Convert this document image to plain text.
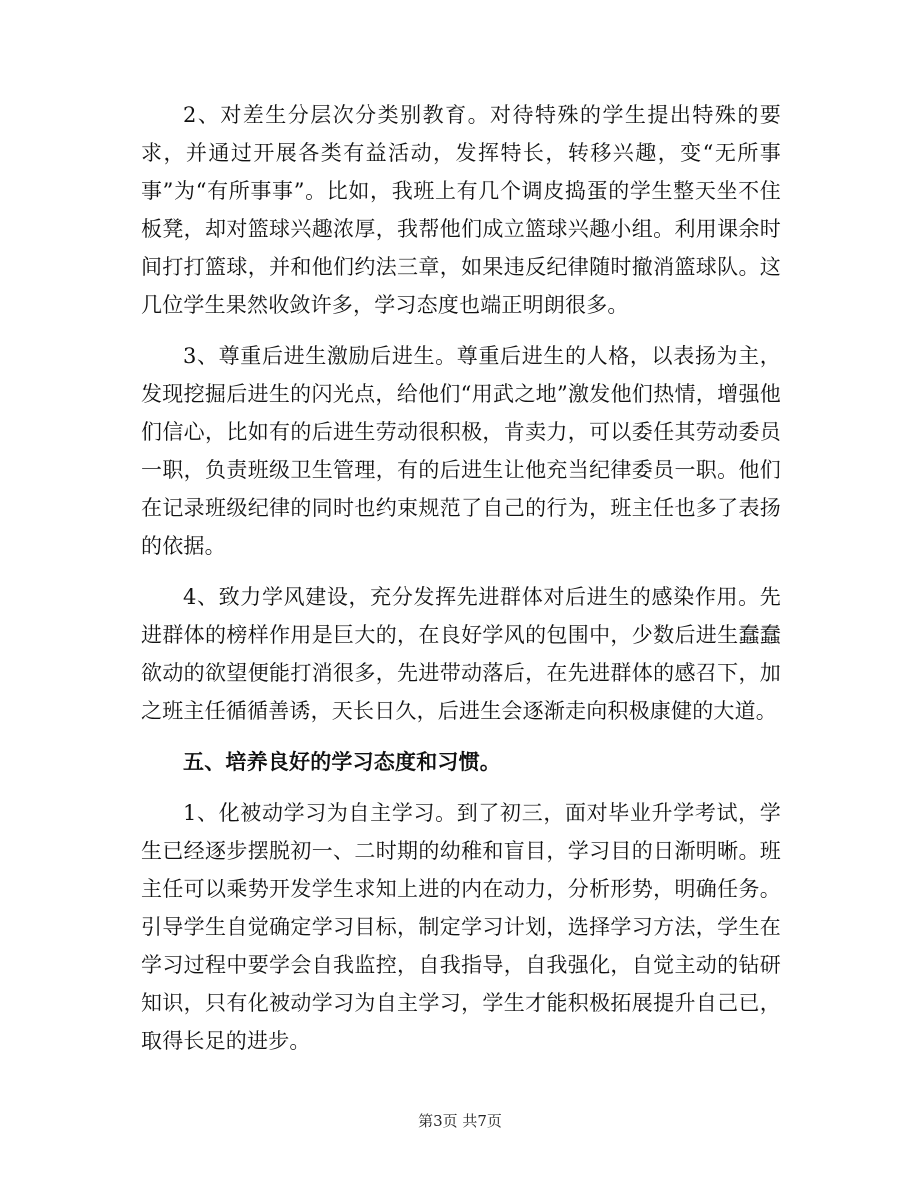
2、对差生分层次分类别教育。对待特殊的学生提出特殊的要求，并通过开展各类有益活动，发挥特长，转移兴趣，变“无所事事”为“有所事事”。比如，我班上有几个调皮捣蛋的学生整天坐不住板凳，却对篮球兴趣浓厚，我帮他们成立篮球兴趣小组。利用课余时间打打篮球，并和他们约法三章，如果违反纪律随时撤消篮球队。这几位学生果然收敛许多，学习态度也端正明朗很多。

3、尊重后进生激励后进生。尊重后进生的人格，以表扬为主，发现挖掘后进生的闪光点，给他们“用武之地”激发他们热情，增强他们信心，比如有的后进生劳动很积极，肯卖力，可以委任其劳动委员一职，负责班级卫生管理，有的后进生让他充当纪律委员一职。他们在记录班级纪律的同时也约束规范了自己的行为，班主任也多了表扬的依据。

4、致力学风建设，充分发挥先进群体对后进生的感染作用。先进群体的榜样作用是巨大的，在良好学风的包围中，少数后进生蠢蠢欲动的欲望便能打消很多，先进带动落后，在先进群体的感召下，加之班主任循循善诱，天长日久，后进生会逐渐走向积极康健的大道。

五、培养良好的学习态度和习惯。

1、化被动学习为自主学习。到了初三，面对毕业升学考试，学生已经逐步摆脱初一、二时期的幼稚和盲目，学习目的日渐明晰。班主任可以乘势开发学生求知上进的内在动力，分析形势，明确任务。引导学生自觉确定学习目标，制定学习计划，选择学习方法，学生在学习过程中要学会自我监控，自我指导，自我强化，自觉主动的钻研知识，只有化被动学习为自主学习，学生才能积极拓展提升自己已，取得长足的进步。

第3页 共7页
